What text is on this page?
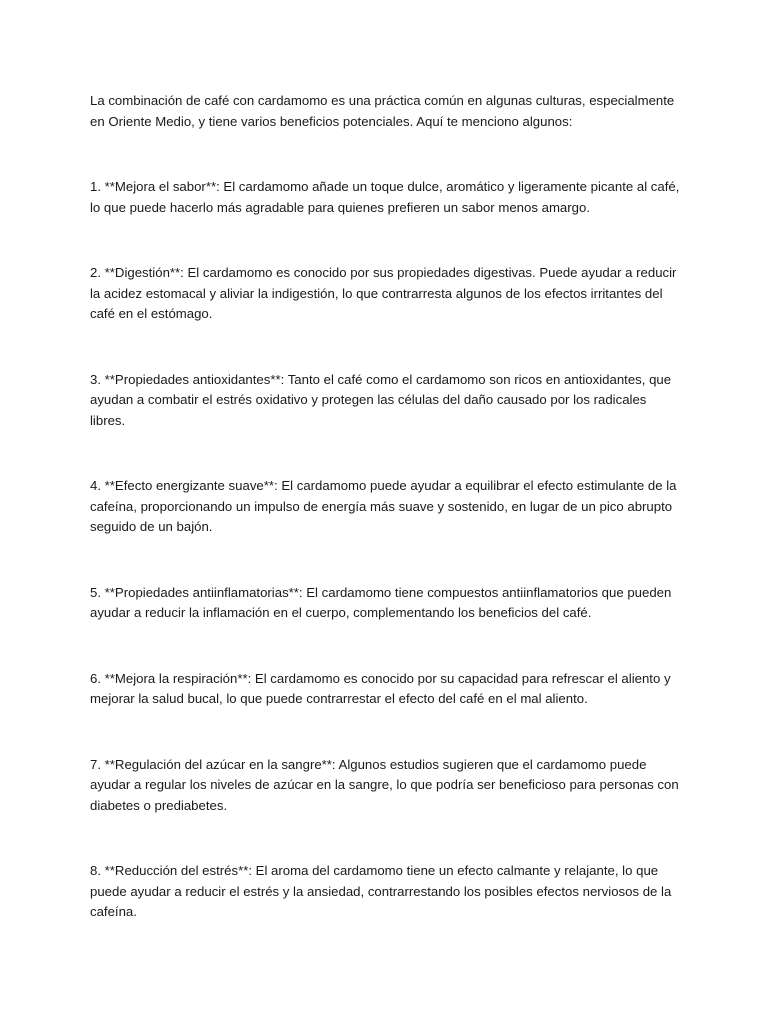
La combinación de café con cardamomo es una práctica común en algunas culturas, especialmente en Oriente Medio, y tiene varios beneficios potenciales. Aquí te menciono algunos:

1. **Mejora el sabor**: El cardamomo añade un toque dulce, aromático y ligeramente picante al café, lo que puede hacerlo más agradable para quienes prefieren un sabor menos amargo.

2. **Digestión**: El cardamomo es conocido por sus propiedades digestivas. Puede ayudar a reducir la acidez estomacal y aliviar la indigestión, lo que contrarresta algunos de los efectos irritantes del café en el estómago.

3. **Propiedades antioxidantes**: Tanto el café como el cardamomo son ricos en antioxidantes, que ayudan a combatir el estrés oxidativo y protegen las células del daño causado por los radicales libres.

4. **Efecto energizante suave**: El cardamomo puede ayudar a equilibrar el efecto estimulante de la cafeína, proporcionando un impulso de energía más suave y sostenido, en lugar de un pico abrupto seguido de un bajón.

5. **Propiedades antiinflamatorias**: El cardamomo tiene compuestos antiinflamatorios que pueden ayudar a reducir la inflamación en el cuerpo, complementando los beneficios del café.

6. **Mejora la respiración**: El cardamomo es conocido por su capacidad para refrescar el aliento y mejorar la salud bucal, lo que puede contrarrestar el efecto del café en el mal aliento.

7. **Regulación del azúcar en la sangre**: Algunos estudios sugieren que el cardamomo puede ayudar a regular los niveles de azúcar en la sangre, lo que podría ser beneficioso para personas con diabetes o prediabetes.

8. **Reducción del estrés**: El aroma del cardamomo tiene un efecto calmante y relajante, lo que puede ayudar a reducir el estrés y la ansiedad, contrarrestando los posibles efectos nerviosos de la cafeína.
